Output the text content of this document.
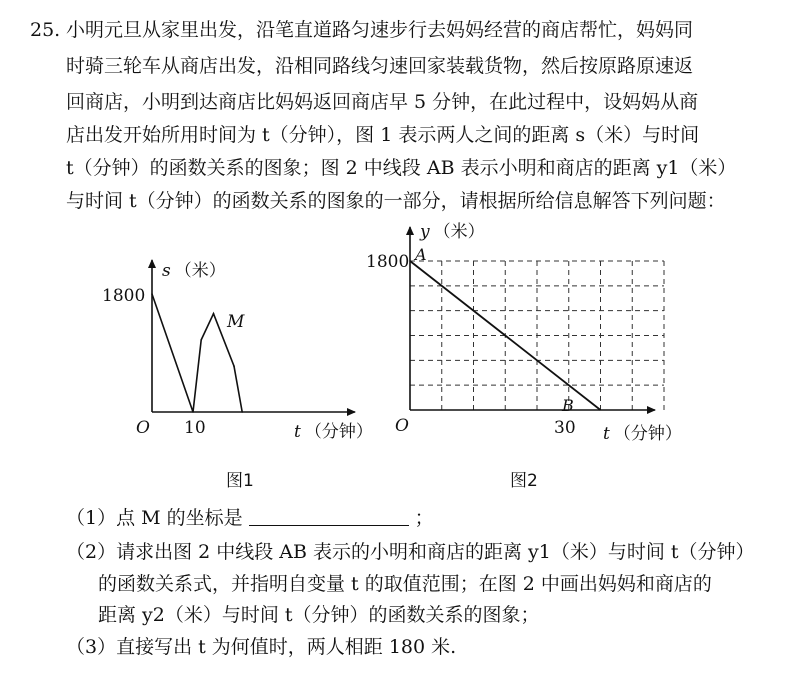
25. 小明元旦从家里出发，沿笔直道路匀速步行去妈妈经营的商店帮忙，妈妈同
时骑三轮车从商店出发，沿相同路线匀速回家装载货物，然后按原路原速返
回商店，小明到达商店比妈妈返回商店早 5 分钟，在此过程中，设妈妈从商
店出发开始所用时间为 t（分钟），图 1 表示两人之间的距离 s（米）与时间
t（分钟）的函数关系的图象；图 2 中线段 AB 表示小明和商店的距离 y1（米）
与时间 t（分钟）的函数关系的图象的一部分，请根据所给信息解答下列问题：
s （米）
1800
O 10	t （分钟）
M
图1
y （米）
1800 A
B
O	30 t （分钟）
图2
（1）点 M 的坐标是	；
（2）请求出图 2 中线段 AB 表示的小明和商店的距离 y1（米）与时间 t（分钟）
的函数关系式，并指明自变量 t 的取值范围；在图 2 中画出妈妈和商店的
距离 y2（米）与时间 t（分钟）的函数关系的图象；
（3）直接写出 t 为何值时，两人相距 180 米.
